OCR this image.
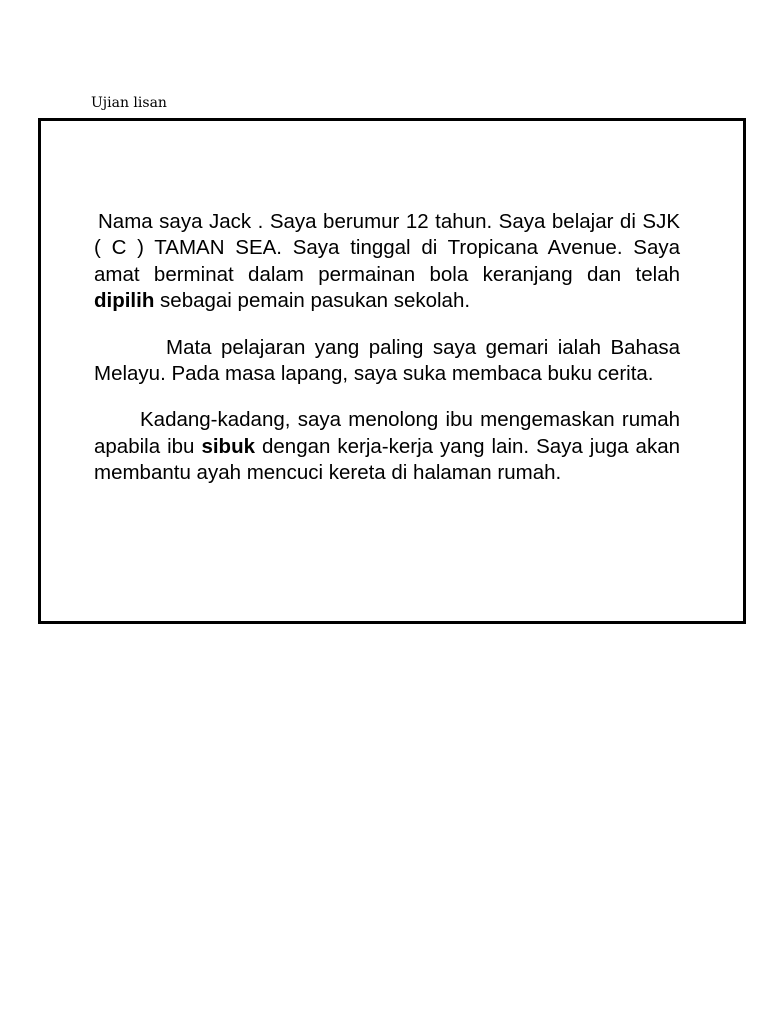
Ujian lisan

Nama saya Jack . Saya berumur 12 tahun. Saya belajar di SJK ( C ) TAMAN SEA. Saya tinggal di Tropicana Avenue. Saya amat berminat dalam permainan bola keranjang dan telah dipilih sebagai pemain pasukan sekolah.

Mata pelajaran yang paling saya gemari ialah Bahasa Melayu. Pada masa lapang, saya suka membaca buku cerita.

Kadang-kadang, saya menolong ibu mengemaskan rumah apabila ibu sibuk dengan kerja-kerja yang lain. Saya juga akan membantu ayah mencuci kereta di halaman rumah.
